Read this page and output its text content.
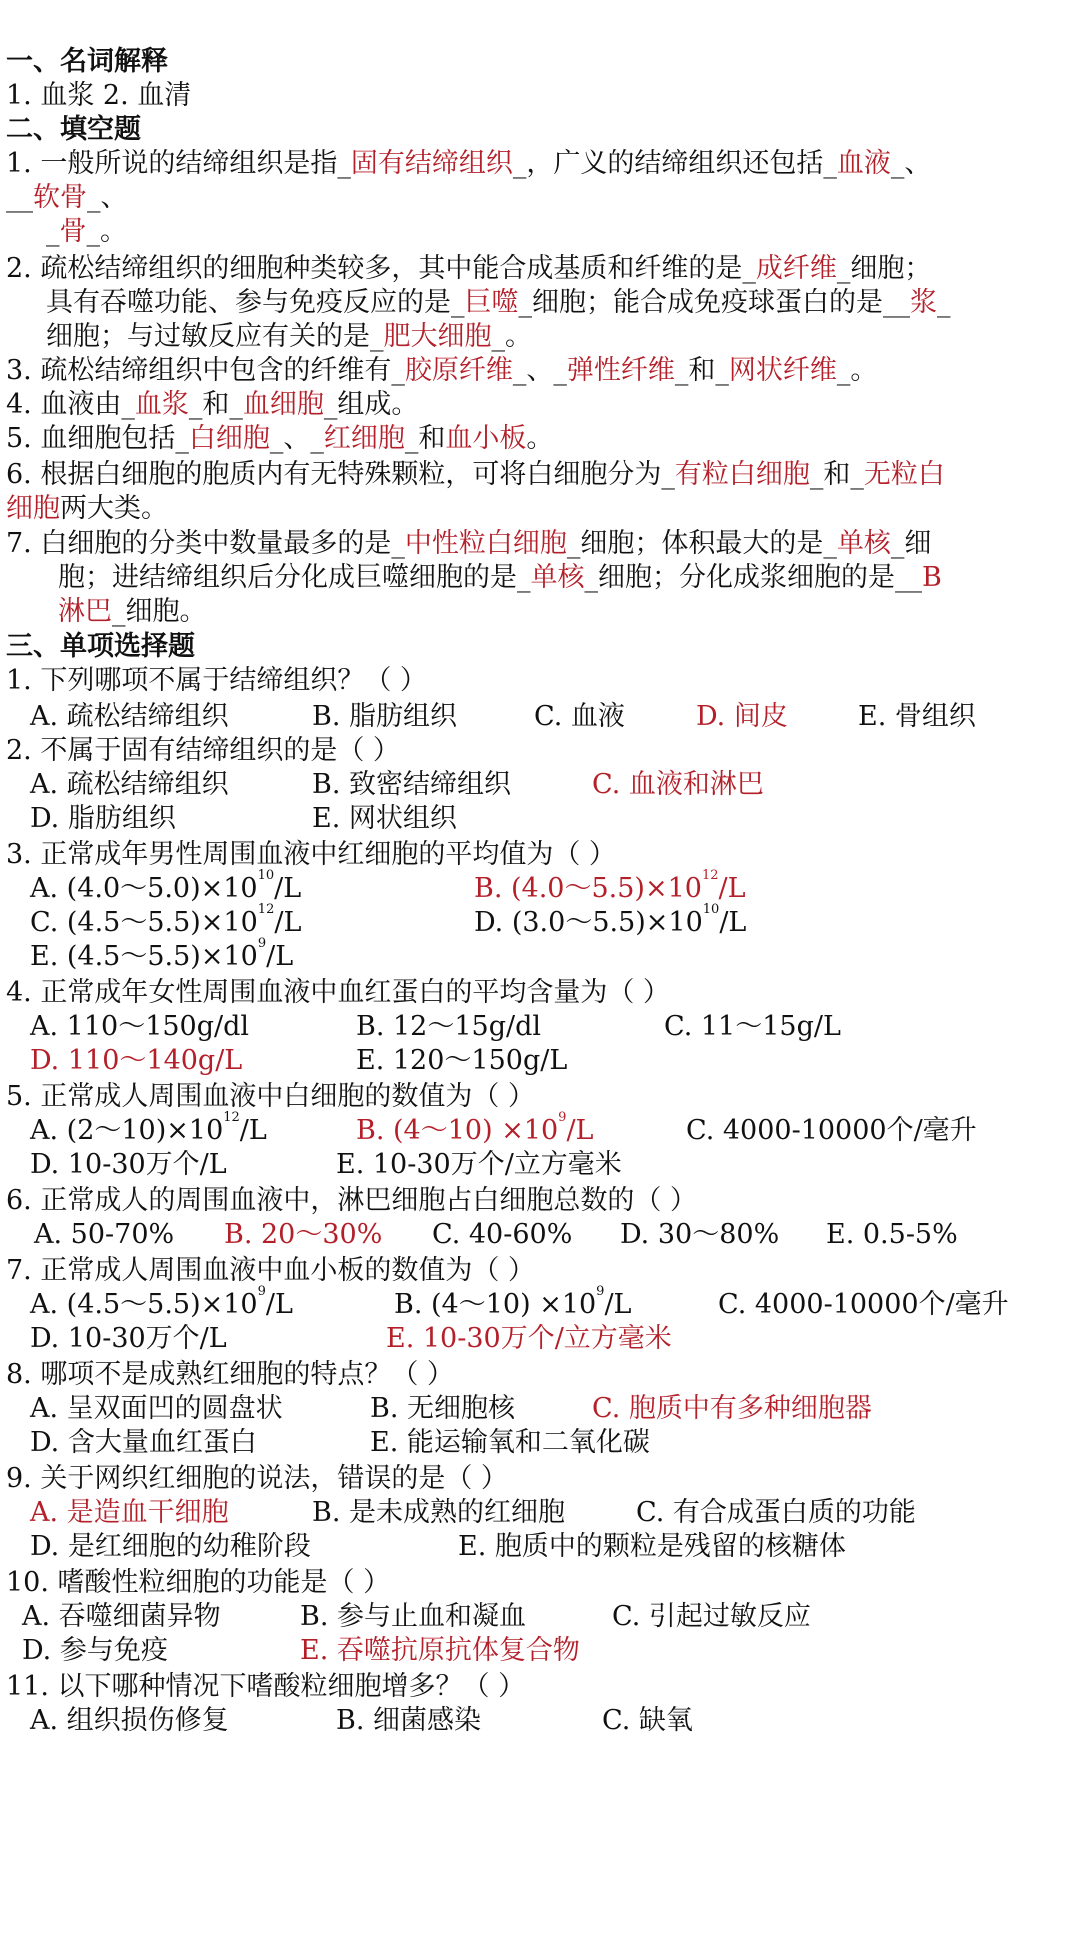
一、名词解释
1. 血浆 2. 血清
二、填空题
1. 一般所说的结缔组织是指_固有结缔组织_，广义的结缔组织还包括_血液_、
__软骨_、
_骨_。
2. 疏松结缔组织的细胞种类较多，其中能合成基质和纤维的是_成纤维_细胞；
具有吞噬功能、参与免疫反应的是_巨噬_细胞；能合成免疫球蛋白的是__浆_
细胞；与过敏反应有关的是_肥大细胞_。
3. 疏松结缔组织中包含的纤维有_胶原纤维_、_弹性纤维_和_网状纤维_。
4. 血液由_血浆_和_血细胞_组成。
5. 血细胞包括_白细胞_、_红细胞_和血小板。
6. 根据白细胞的胞质内有无特殊颗粒，可将白细胞分为_有粒白细胞_和_无粒白
细胞两大类。
7. 白细胞的分类中数量最多的是_中性粒白细胞_细胞；体积最大的是_单核_细
胞；进结缔组织后分化成巨噬细胞的是_单核_细胞；分化成浆细胞的是__B
淋巴_细胞。
三、单项选择题
1. 下列哪项不属于结缔组织？（ ）
A. 疏松结缔组织	B. 脂肪组织	C. 血液	D. 间皮	E. 骨组织
2. 不属于固有结缔组织的是（ ）
A. 疏松结缔组织	B. 致密结缔组织	C. 血液和淋巴
D. 脂肪组织	E. 网状组织
3. 正常成年男性周围血液中红细胞的平均值为（ ）
A. $(4.0\sim 5.0)\times 10^{10}/L$	B. $(4.0\sim 5.5)\times 10^{12}/L$
C. $(4.5\sim 5.5)\times 10^{12}/L$	D. $(3.0\sim 5.5)\times 10^{10}/L$
E. $(4.5\sim 5.5)\times 10^9/L$
4. 正常成年女性周围血液中血红蛋白的平均含量为（ ）
A. 110～150g/dl	B. 12～15g/dl	C. 11～15g/L
D. 110～140g/L	E. 120～150g/L
5. 正常成人周围血液中白细胞的数值为（ ）
A. $(2\sim 10)\times 10^{12}/L$	B. (4～10) $\times 10^9/L$	C. 4000-10000个/毫升
D. 10-30万个/L	E. 10-30万个/立方毫米
6. 正常成人的周围血液中，淋巴细胞占白细胞总数的（ ）
A. 50-70% B. 20～30% C. 40-60% D. 30～80% E. 0.5-5%
7. 正常成人周围血液中血小板的数值为（ ）
A. $(4.5\sim 5.5)\times 10^9/L$	B. (4～10) $\times 10^9/L$	C. 4000-10000个/毫升
D. 10-30万个/L	E. 10-30万个/立方毫米
8. 哪项不是成熟红细胞的特点？（ ）
A. 呈双面凹的圆盘状	B. 无细胞核	C. 胞质中有多种细胞器
D. 含大量血红蛋白	E. 能运输氧和二氧化碳
9. 关于网织红细胞的说法，错误的是（ ）
A. 是造血干细胞	B. 是未成熟的红细胞	C. 有合成蛋白质的功能
D. 是红细胞的幼稚阶段	E. 胞质中的颗粒是残留的核糖体
10. 嗜酸性粒细胞的功能是（ ）
A. 吞噬细菌异物	B. 参与止血和凝血	C. 引起过敏反应
D. 参与免疫	E. 吞噬抗原抗体复合物
11. 以下哪种情况下嗜酸粒细胞增多？（ ）
A. 组织损伤修复	B. 细菌感染	C. 缺氧
